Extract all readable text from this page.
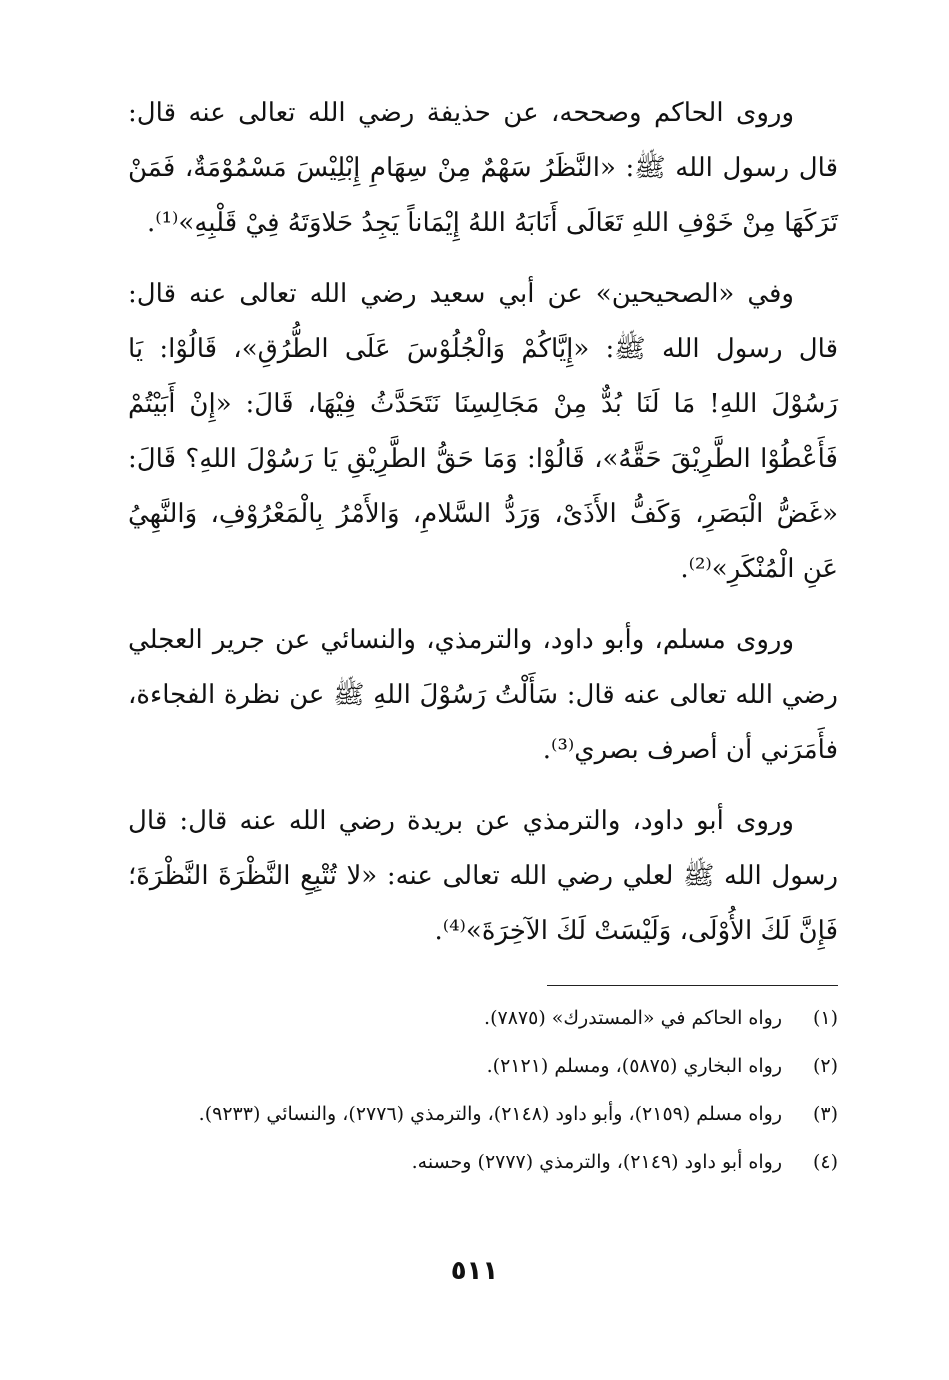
وروى الحاكم وصححه، عن حذيفة رضي الله تعالى عنه قال: قال رسول الله ﷺ: «النَّظَرُ سَهْمٌ مِنْ سِهَامِ إِبْلِيْسَ مَسْمُوْمَةٌ، فَمَنْ تَرَكَهَا مِنْ خَوْفِ اللهِ تَعَالَى أَنَابَهُ اللهُ إِيْمَاناً يَجِدُ حَلاوَتَهُ فِيْ قَلْبِهِ»⁽¹⁾.

وفي «الصحيحين» عن أبي سعيد رضي الله تعالى عنه قال: قال رسول الله ﷺ: «إِيَّاكُمْ وَالْجُلُوْسَ عَلَى الطُّرُقِ»، قَالُوْا: يَا رَسُوْلَ اللهِ! مَا لَنَا بُدٌّ مِنْ مَجَالِسِنَا نَتَحَدَّثُ فِيْهَا، قَالَ: «إِنْ أَبَيْتُمْ فَأَعْطُوْا الطَّرِيْقَ حَقَّهُ»، قَالُوْا: وَمَا حَقُّ الطَّرِيْقِ يَا رَسُوْلَ اللهِ؟ قَالَ: «غَضُّ الْبَصَرِ، وَكَفُّ الأَذَىْ، وَرَدُّ السَّلامِ، وَالأَمْرُ بِالْمَعْرُوْفِ، وَالنَّهِيُ عَنِ الْمُنْكَرِ»⁽²⁾.

وروى مسلم، وأبو داود، والترمذي، والنسائي عن جرير العجلي رضي الله تعالى عنه قال: سَأَلْتُ رَسُوْلَ اللهِ ﷺ عن نظرة الفجاءة، فأَمَرَني أن أصرف بصري⁽³⁾.

وروى أبو داود، والترمذي عن بريدة رضي الله عنه قال: قال رسول الله ﷺ لعلي رضي الله تعالى عنه: «لا تُتْبِعِ النَّظْرَةَ النَّظْرَةَ؛ فَإِنَّ لَكَ الأُوْلَى، وَلَيْسَتْ لَكَ الآخِرَةَ»⁽⁴⁾.

(١)
رواه الحاكم في «المستدرك» (٧٨٧٥).
(٢)
رواه البخاري (٥٨٧٥)، ومسلم (٢١٢١).
(٣)
رواه مسلم (٢١٥٩)، وأبو داود (٢١٤٨)، والترمذي (٢٧٧٦)، والنسائي (٩٢٣٣).
(٤)
رواه أبو داود (٢١٤٩)، والترمذي (٢٧٧٧) وحسنه.
٥١١
